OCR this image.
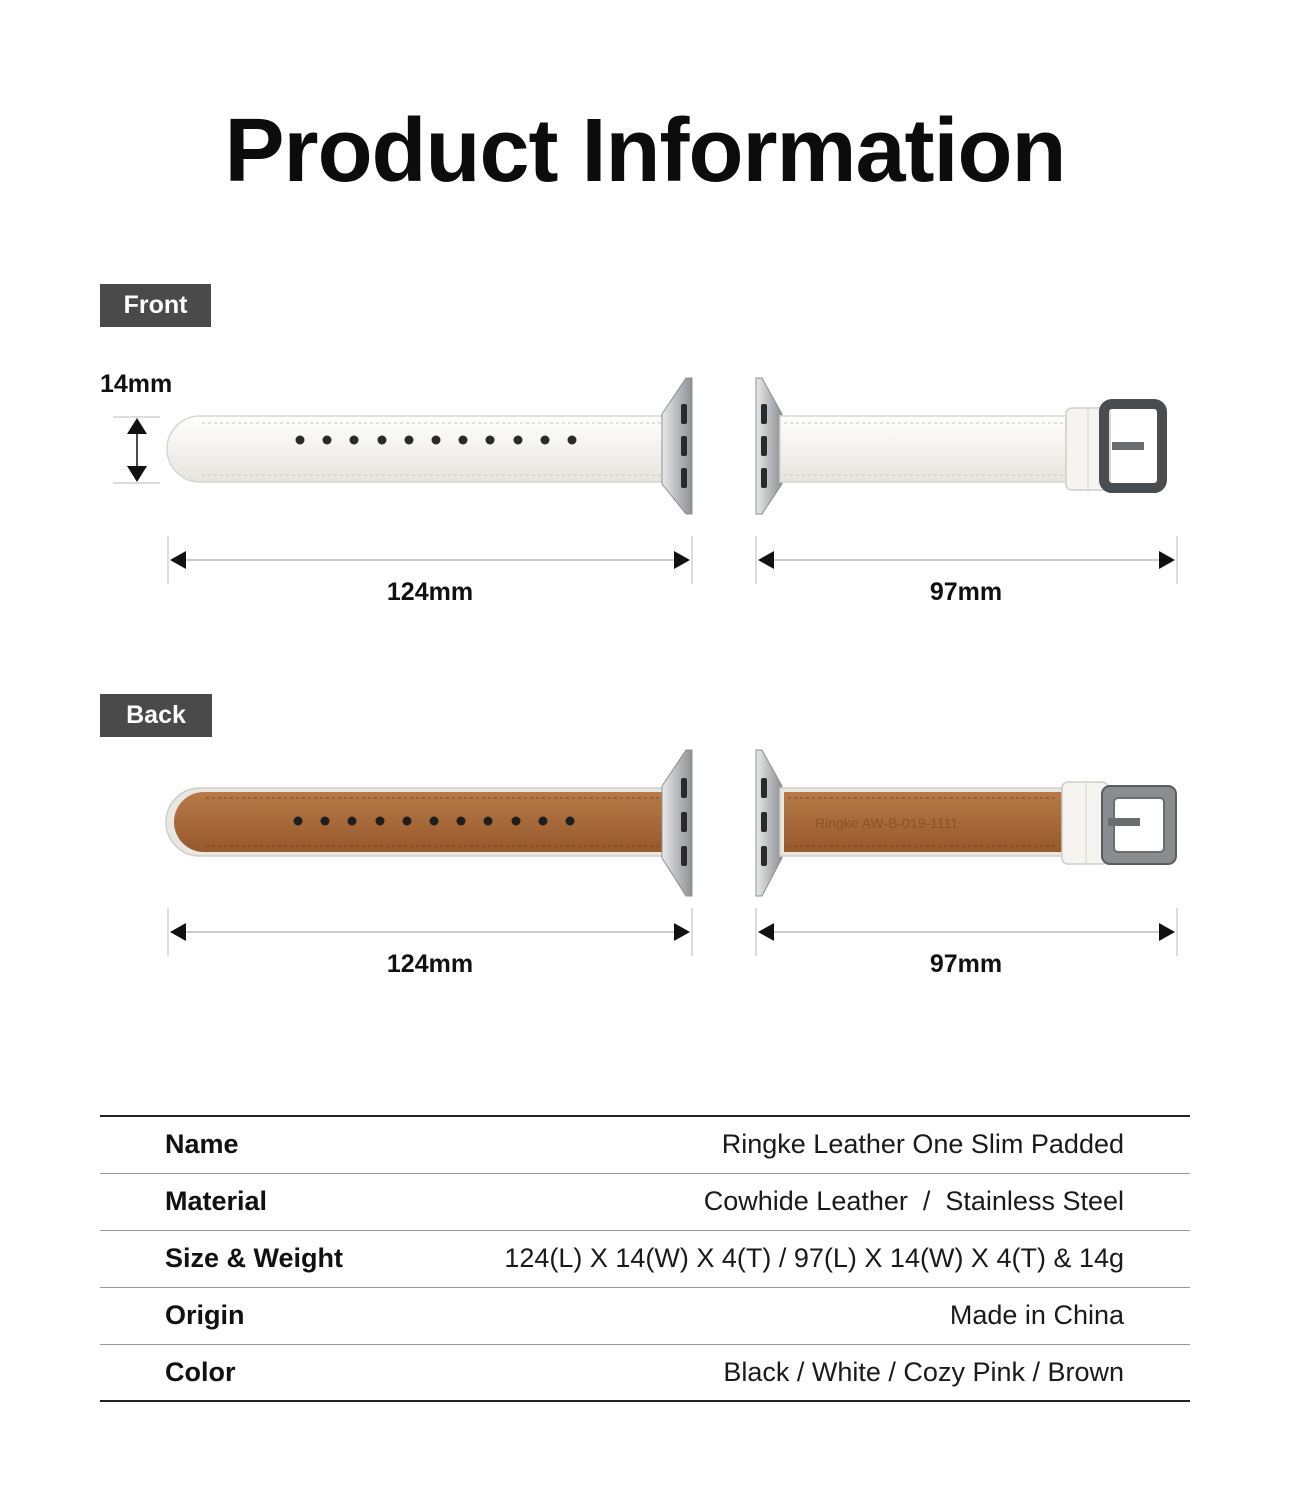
Product Information
Front
14mm
124mm	97mm
Back
124mm	97mm
Ringke AW-B-019-1111
Name	Ringke Leather One Slim Padded
Material	Cowhide Leather  /  Stainless Steel
Size & Weight	124(L) X 14(W) X 4(T) / 97(L) X 14(W) X 4(T) & 14g
Origin	Made in China
Color	Black / White / Cozy Pink / Brown
